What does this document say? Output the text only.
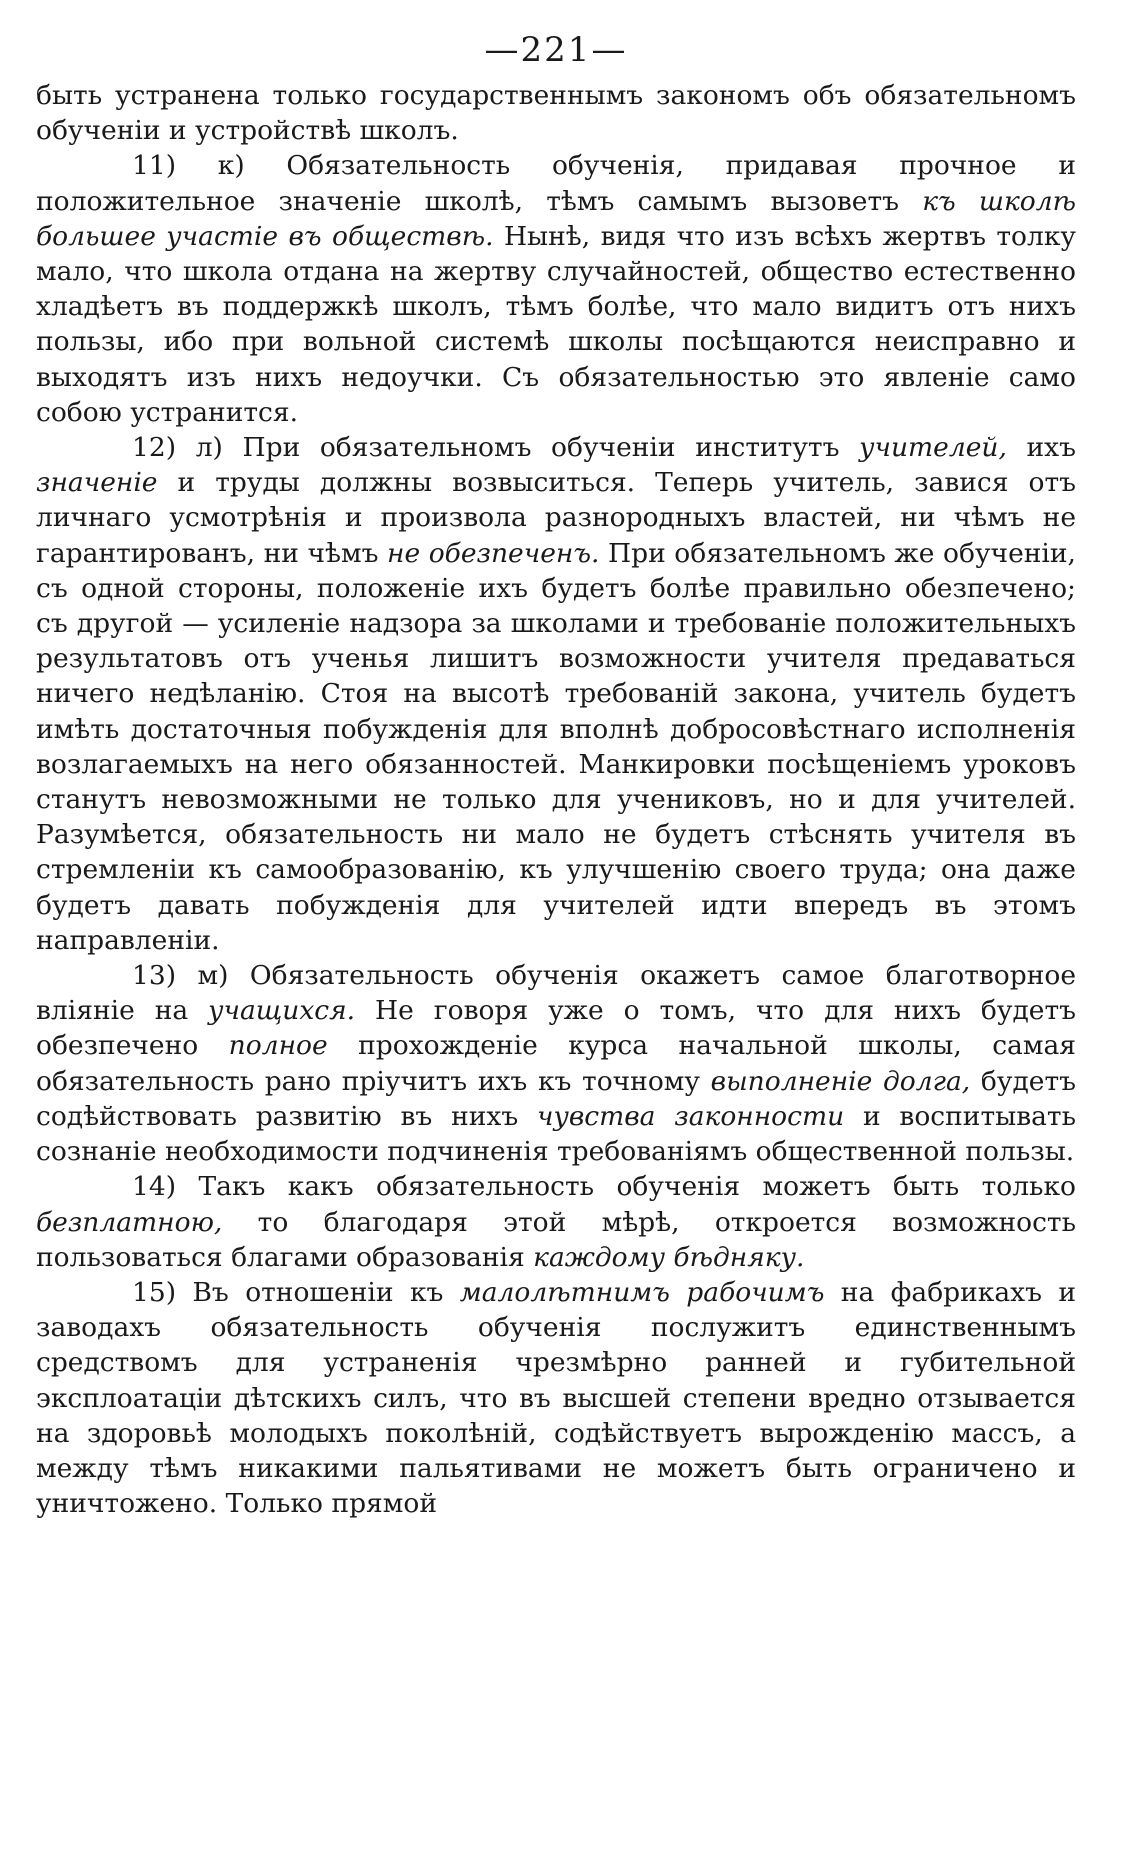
—221—

быть устранена только государственнымъ закономъ объ обязательномъ обученіи и устройствѣ школъ.

11) к) Обязательность обученія, придавая прочное и положительное значеніе школѣ, тѣмъ самымъ вызоветъ къ школѣ большее участіе въ обществѣ. Нынѣ, видя что изъ всѣхъ жертвъ толку мало, что школа отдана на жертву случайностей, общество естественно хладѣетъ въ поддержкѣ школъ, тѣмъ болѣе, что мало видитъ отъ нихъ пользы, ибо при вольной системѣ школы посѣщаются неисправно и выходятъ изъ нихъ недоучки. Съ обязательностью это явленіе само собою устранится.

12) л) При обязательномъ обученіи институтъ учителей, ихъ значеніе и труды должны возвыситься. Теперь учитель, завися отъ личнаго усмотрѣнія и произвола разнородныхъ властей, ни чѣмъ не гарантированъ, ни чѣмъ не обезпеченъ. При обязательномъ же обученіи, съ одной стороны, положеніе ихъ будетъ болѣе правильно обезпечено; съ другой — усиленіе надзора за школами и требованіе положительныхъ результатовъ отъ ученья лишитъ возможности учителя предаваться ничего недѣланію. Стоя на высотѣ требованій закона, учитель будетъ имѣть достаточныя побужденія для вполнѣ добросовѣстнаго исполненія возлагаемыхъ на него обязанностей. Манкировки посѣщеніемъ уроковъ станутъ невозможными не только для учениковъ, но и для учителей. Разумѣется, обязательность ни мало не будетъ стѣснять учителя въ стремленіи къ самообразованію, къ улучшенію своего труда; она даже будетъ давать побужденія для учителей идти впередъ въ этомъ направленіи.

13) м) Обязательность обученія окажетъ самое благотворное вліяніе на учащихся. Не говоря уже о томъ, что для нихъ будетъ обезпечено полное прохожденіе курса начальной школы, самая обязательность рано пріучитъ ихъ къ точному выполненіе долга, будетъ содѣйствовать развитію въ нихъ чувства законности и воспитывать сознаніе необходимости подчиненія требованіямъ общественной пользы.

14) Такъ какъ обязательность обученія можетъ быть только безплатною, то благодаря этой мѣрѣ, откроется возможность пользоваться благами образованія каждому бѣдняку.

15) Въ отношеніи къ малолѣтнимъ рабочимъ на фабрикахъ и заводахъ обязательность обученія послужитъ единственнымъ средствомъ для устраненія чрезмѣрно ранней и губительной эксплоатаціи дѣтскихъ силъ, что въ высшей степени вредно отзывается на здоровьѣ молодыхъ поколѣній, содѣйствуетъ вырожденію массъ, а между тѣмъ никакими пальятивами не можетъ быть ограничено и уничтожено. Только прямой
